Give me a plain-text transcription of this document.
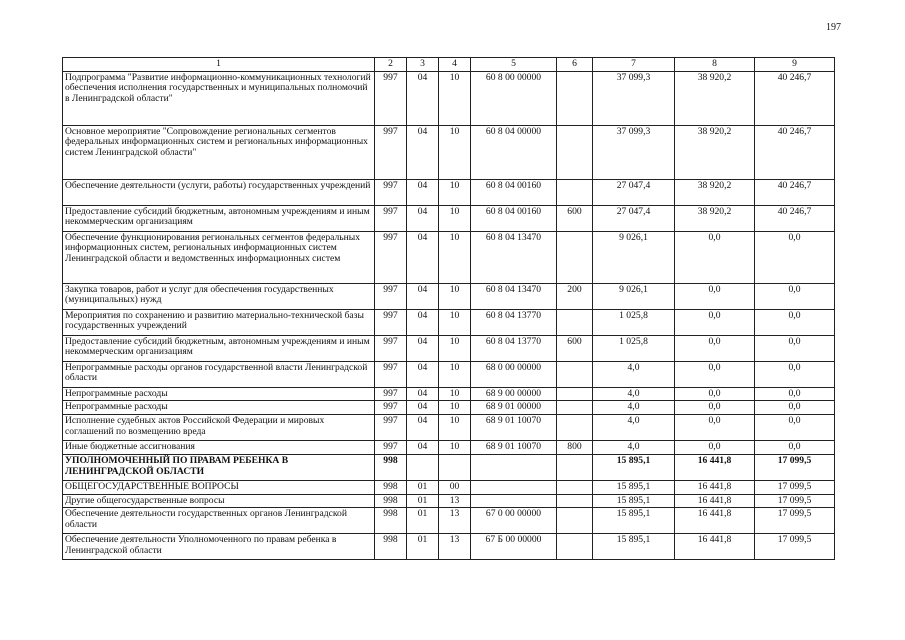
197
1	2	3	4	5	6	7	8	9
Подпрограмма "Развитие информационно-коммуникационных технологий обеспечения исполнения государственных и муниципальных полномочий в Ленинградской области"	997	04	10	60 8 00 00000		37 099,3	38 920,2	40 246,7
Основное мероприятие "Сопровождение региональных сегментов федеральных информационных систем и региональных информационных систем Ленинградской области"	997	04	10	60 8 04 00000		37 099,3	38 920,2	40 246,7
Обеспечение деятельности (услуги, работы) государственных учреждений	997	04	10	60 8 04 00160		27 047,4	38 920,2	40 246,7
Предоставление субсидий бюджетным, автономным учреждениям и иным некоммерческим организациям	997	04	10	60 8 04 00160	600	27 047,4	38 920,2	40 246,7
Обеспечение функционирования региональных сегментов федеральных информационных систем, региональных информационных систем Ленинградской области и ведомственных информационных систем	997	04	10	60 8 04 13470		9 026,1	0,0	0,0
Закупка товаров, работ и услуг для обеспечения государственных (муниципальных) нужд	997	04	10	60 8 04 13470	200	9 026,1	0,0	0,0
Мероприятия по сохранению и развитию материально-технической базы государственных учреждений	997	04	10	60 8 04 13770		1 025,8	0,0	0,0
Предоставление субсидий бюджетным, автономным учреждениям и иным некоммерческим организациям	997	04	10	60 8 04 13770	600	1 025,8	0,0	0,0
Непрограммные расходы органов государственной власти Ленинградской области	997	04	10	68 0 00 00000		4,0	0,0	0,0
Непрограммные расходы	997	04	10	68 9 00 00000		4,0	0,0	0,0
Непрограммные расходы	997	04	10	68 9 01 00000		4,0	0,0	0,0
Исполнение судебных актов Российской Федерации и мировых соглашений по возмещению вреда	997	04	10	68 9 01 10070		4,0	0,0	0,0
Иные бюджетные ассигнования	997	04	10	68 9 01 10070	800	4,0	0,0	0,0
УПОЛНОМОЧЕННЫЙ ПО ПРАВАМ РЕБЕНКА В ЛЕНИНГРАДСКОЙ ОБЛАСТИ	998					15 895,1	16 441,8	17 099,5
ОБЩЕГОСУДАРСТВЕННЫЕ ВОПРОСЫ	998	01	00			15 895,1	16 441,8	17 099,5
Другие общегосударственные вопросы	998	01	13			15 895,1	16 441,8	17 099,5
Обеспечение деятельности государственных органов Ленинградской области	998	01	13	67 0 00 00000		15 895,1	16 441,8	17 099,5
Обеспечение деятельности Уполномоченного по правам ребенка в Ленинградской области	998	01	13	67 Б 00 00000		15 895,1	16 441,8	17 099,5
